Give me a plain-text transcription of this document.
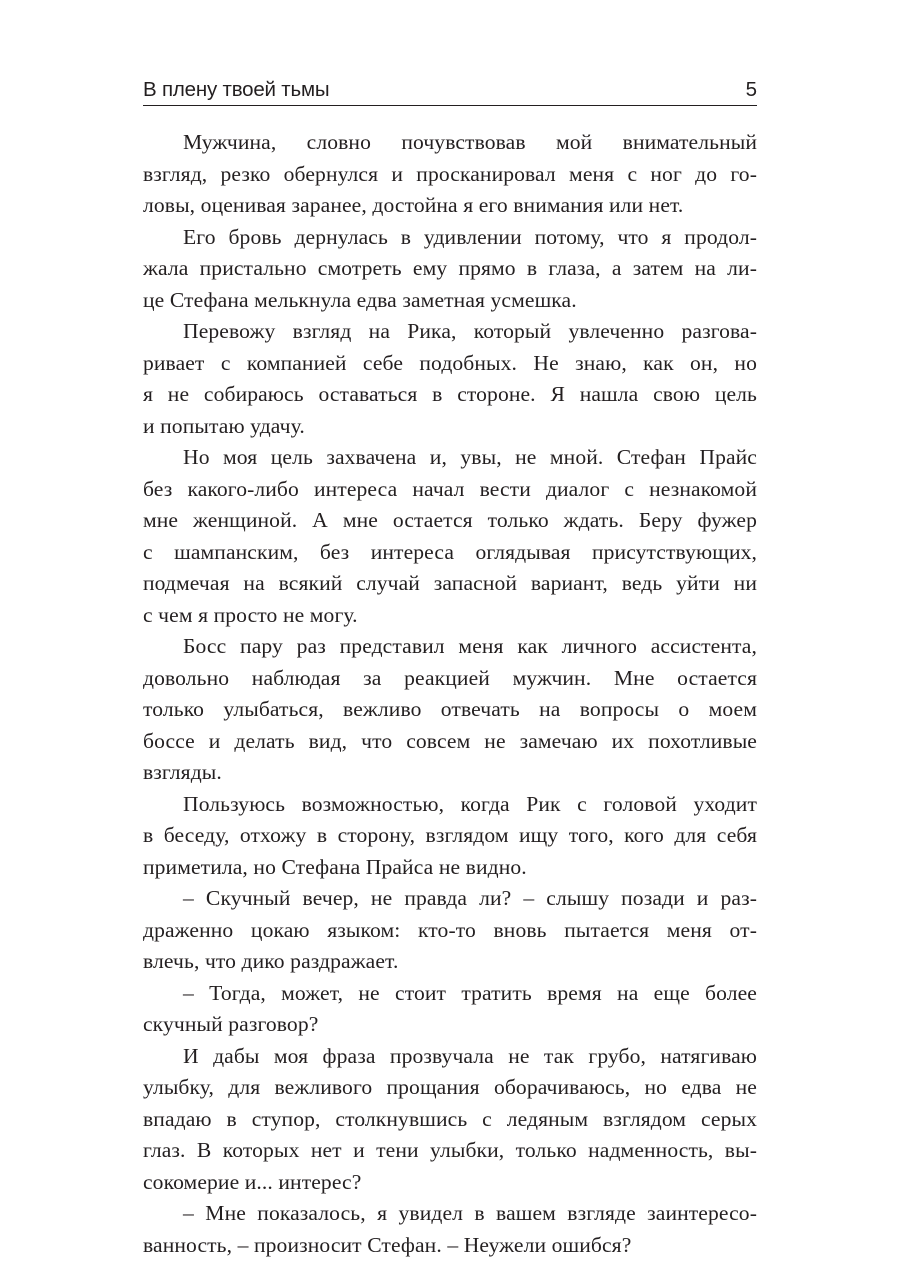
В плену твоей тьмы	5
Мужчина, словно почувствовав мой внимательный
взгляд, резко обернулся и просканировал меня с ног до го-
ловы, оценивая заранее, достойна я его внимания или нет.
Его бровь дернулась в удивлении потому, что я продол-
жала пристально смотреть ему прямо в глаза, а затем на ли-
це Стефана мелькнула едва заметная усмешка.
Перевожу взгляд на Рика, который увлеченно разгова-
ривает с компанией себе подобных. Не знаю, как он, но
я не собираюсь оставаться в стороне. Я нашла свою цель
и попытаю удачу.
Но моя цель захвачена и, увы, не мной. Стефан Прайс
без какого-либо интереса начал вести диалог с незнакомой
мне женщиной. А мне остается только ждать. Беру фужер
с шампанским, без интереса оглядывая присутствующих,
подмечая на всякий случай запасной вариант, ведь уйти ни
с чем я просто не могу.
Босс пару раз представил меня как личного ассистента,
довольно наблюдая за реакцией мужчин. Мне остается
только улыбаться, вежливо отвечать на вопросы о моем
боссе и делать вид, что совсем не замечаю их похотливые
взгляды.
Пользуюсь возможностью, когда Рик с головой уходит
в беседу, отхожу в сторону, взглядом ищу того, кого для себя
приметила, но Стефана Прайса не видно.
– Скучный вечер, не правда ли? – слышу позади и раз-
драженно цокаю языком: кто-то вновь пытается меня от-
влечь, что дико раздражает.
– Тогда, может, не стоит тратить время на еще более
скучный разговор?
И дабы моя фраза прозвучала не так грубо, натягиваю
улыбку, для вежливого прощания оборачиваюсь, но едва не
впадаю в ступор, столкнувшись с ледяным взглядом серых
глаз. В которых нет и тени улыбки, только надменность, вы-
сокомерие и... интерес?
– Мне показалось, я увидел в вашем взгляде заинтересо-
ванность, – произносит Стефан. – Неужели ошибся?
